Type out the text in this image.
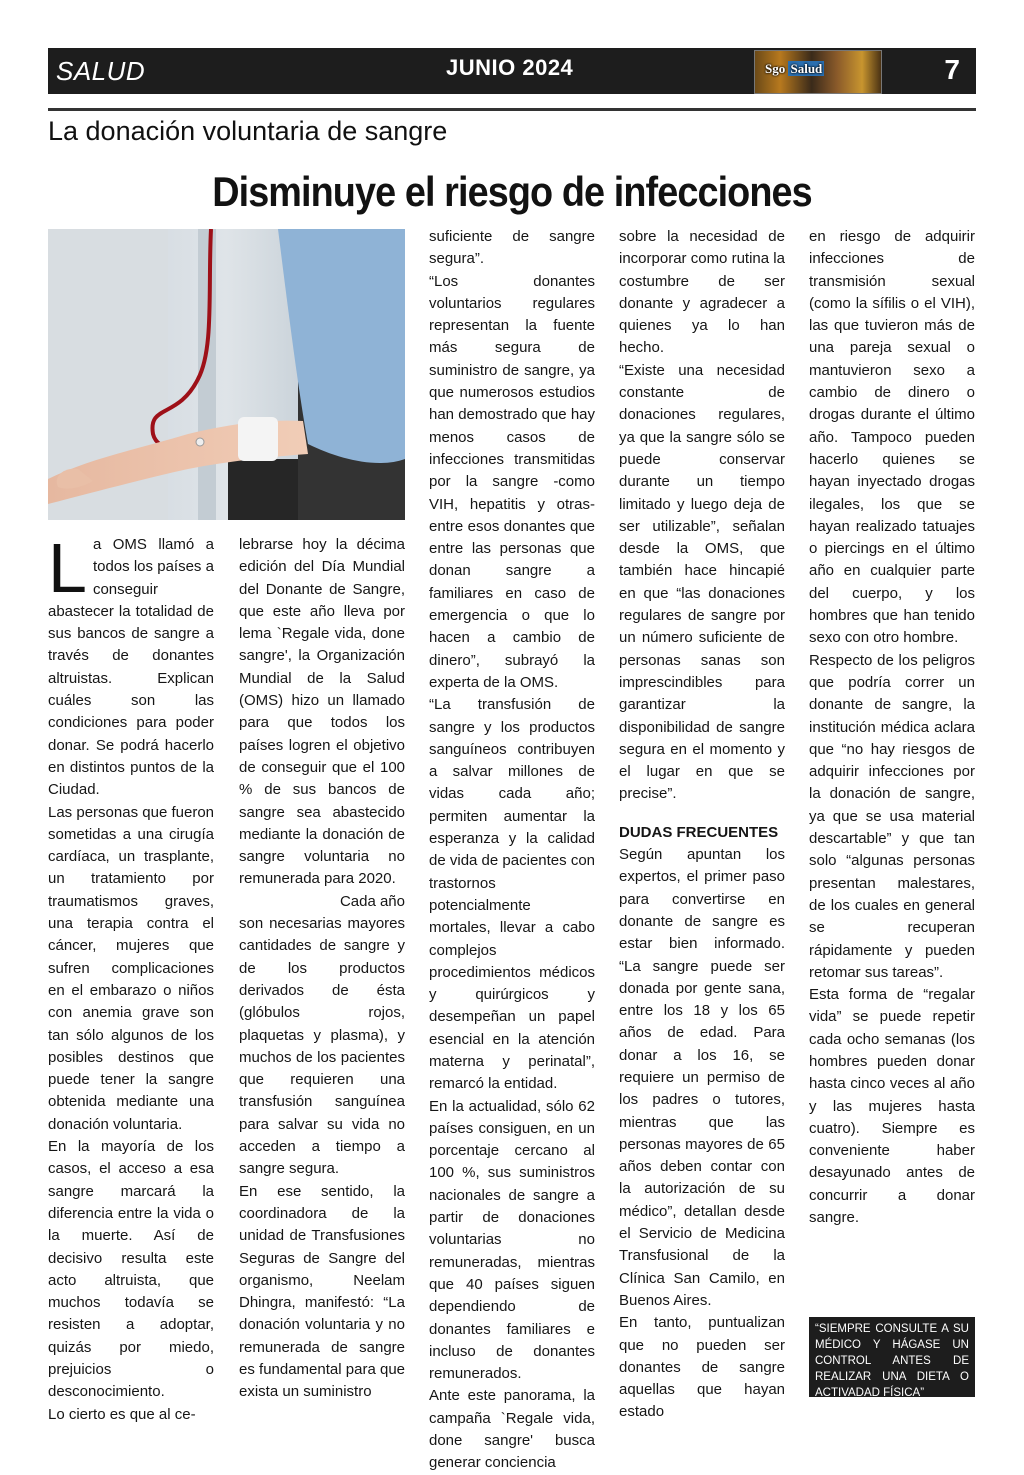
SALUD	JUNIO 2024	Sgo Salud	7
La donación voluntaria de sangre
Disminuye el riesgo de infecciones

La OMS llamó a todos los países a conseguir abastecer la totalidad de sus bancos de sangre a través de donantes altruistas. Explican cuáles son las condiciones para poder donar. Se podrá hacerlo en distintos puntos de la Ciudad.

Las personas que fueron sometidas a una cirugía cardíaca, un trasplante, un tratamiento por traumatismos graves, una terapia contra el cáncer, mujeres que sufren complicaciones en el embarazo o niños con anemia grave son tan sólo algunos de los posibles destinos que puede tener la sangre obtenida mediante una donación voluntaria.

En la mayoría de los casos, el acceso a esa sangre marcará la diferencia entre la vida o la muerte. Así de decisivo resulta este acto altruista, que muchos todavía se resisten a adoptar, quizás por miedo, prejuicios o desconocimiento.

Lo cierto es que al ce-

lebrarse hoy la décima edición del Día Mundial del Donante de Sangre, que este año lleva por lema `Regale vida, done sangre', la Organización Mundial de la Salud (OMS) hizo un llamado para que todos los países logren el objetivo de conseguir que el 100 % de sus bancos de sangre sea abastecido mediante la donación de sangre voluntaria no remunerada para 2020.

Cada año

son necesarias mayores cantidades de sangre y de los productos derivados de ésta (glóbulos rojos, plaquetas y plasma), y muchos de los pacientes que requieren una transfusión sanguínea para salvar su vida no acceden a tiempo a sangre segura.

En ese sentido, la coordinadora de la unidad de Transfusiones Seguras de Sangre del organismo, Neelam Dhingra, manifestó: “La donación voluntaria y no remunerada de sangre es fundamental para que exista un suministro

suficiente de sangre segura”.

“Los donantes voluntarios regulares representan la fuente más segura de suministro de sangre, ya que numerosos estudios han demostrado que hay menos casos de infecciones transmitidas por la sangre -como VIH, hepatitis y otras- entre esos donantes que entre las personas que donan sangre a familiares en caso de emergencia o que lo hacen a cambio de dinero”, subrayó la experta de la OMS.

“La transfusión de sangre y los productos sanguíneos contribuyen a salvar millones de vidas cada año; permiten aumentar la esperanza y la calidad de vida de pacientes con trastornos potencialmente mortales, llevar a cabo complejos procedimientos médicos y quirúrgicos y desempeñan un papel esencial en la atención materna y perinatal”, remarcó la entidad.

En la actualidad, sólo 62 países consiguen, en un porcentaje cercano al 100 %, sus suministros nacionales de sangre a partir de donaciones voluntarias no remuneradas, mientras que 40 países siguen dependiendo de donantes familiares e incluso de donantes remunerados.

Ante este panorama, la campaña `Regale vida, done sangre' busca generar conciencia

sobre la necesidad de incorporar como rutina la costumbre de ser donante y agradecer a quienes ya lo han hecho.

“Existe una necesidad constante de donaciones regulares, ya que la sangre sólo se puede conservar durante un tiempo limitado y luego deja de ser utilizable”, señalan desde la OMS, que también hace hincapié en que “las donaciones regulares de sangre por un número suficiente de personas sanas son imprescindibles para garantizar la disponibilidad de sangre segura en el momento y el lugar en que se precise”.

DUDAS FRECUENTES

Según apuntan los expertos, el primer paso para convertirse en donante de sangre es estar bien informado. “La sangre puede ser donada por gente sana, entre los 18 y los 65 años de edad. Para donar a los 16, se requiere un permiso de los padres o tutores, mientras que las personas mayores de 65 años deben contar con la autorización de su médico”, detallan desde el Servicio de Medicina Transfusional de la Clínica San Camilo, en Buenos Aires.

En tanto, puntualizan que no pueden ser donantes de sangre aquellas que hayan estado

en riesgo de adquirir infecciones de transmisión sexual (como la sífilis o el VIH), las que tuvieron más de una pareja sexual o mantuvieron sexo a cambio de dinero o drogas durante el último año. Tampoco pueden hacerlo quienes se hayan inyectado drogas ilegales, los que se hayan realizado tatuajes o piercings en el último año en cualquier parte del cuerpo, y los hombres que han tenido sexo con otro hombre.

Respecto de los peligros que podría correr un donante de sangre, la institución médica aclara que “no hay riesgos de adquirir infecciones por la donación de sangre, ya que se usa material descartable” y que tan solo “algunas personas presentan malestares, de los cuales en general se recuperan rápidamente y pueden retomar sus tareas”.

Esta forma de “regalar vida” se puede repetir cada ocho semanas (los hombres pueden donar hasta cinco veces al año y las mujeres hasta cuatro). Siempre es conveniente haber desayunado antes de concurrir a donar sangre.

“SIEMPRE CONSULTE A SU MÉDICO Y HÁGASE UN CONTROL ANTES DE REALIZAR UNA DIETA O ACTIVADAD FÍSICA”
